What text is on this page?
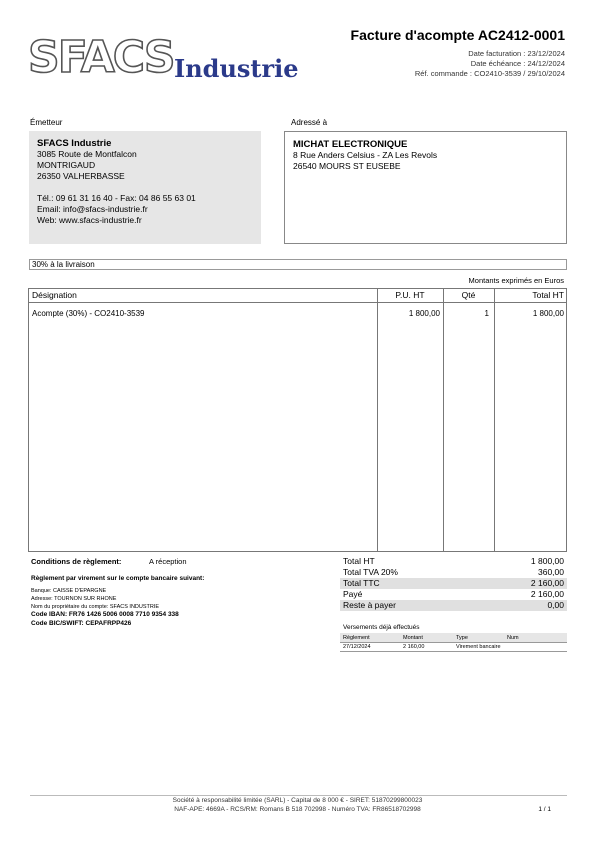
SFACS Industrie
Facture d'acompte AC2412-0001
Date facturation : 23/12/2024
Date échéance : 24/12/2024
Réf. commande : CO2410-3539 / 29/10/2024
Émetteur	Adressé à
SFACS Industrie
3085 Route de Montfalcon
MONTRIGAUD
26350 VALHERBASSE
Tél.: 09 61 31 16 40 - Fax: 04 86 55 63 01
Email: info@sfacs-industrie.fr
Web: www.sfacs-industrie.fr
MICHAT ELECTRONIQUE
8 Rue Anders Celsius - ZA Les Revols
26540 MOURS ST EUSEBE
30% à la livraison
Montants exprimés en Euros
Désignation	P.U. HT	Qté	Total HT
Acompte (30%) - CO2410-3539	1 800,00	1	1 800,00
Conditions de règlement:	A réception
Règlement par virement sur le compte bancaire suivant:
Banque: CAISSE D'EPARGNE
Adresse: TOURNON SUR RHONE
Nom du propriétaire du compte: SFACS INDUSTRIE
Code IBAN: FR76 1426 5006 0008 7710 9354 338
Code BIC/SWIFT: CEPAFRPP426
Total HT	1 800,00
Total TVA 20%	360,00
Total TTC	2 160,00
Payé	2 160,00
Reste à payer	0,00
Versements déjà effectués
Règlement	Montant	Type	Num
27/12/2024	2 160,00	Virement bancaire
Société à responsabilité limitée (SARL) - Capital de 8 000 € - SIRET: 51870299800023
NAF-APE: 4669A - RCS/RM: Romans B 518 702998 - Numéro TVA: FR86518702998	1 / 1
